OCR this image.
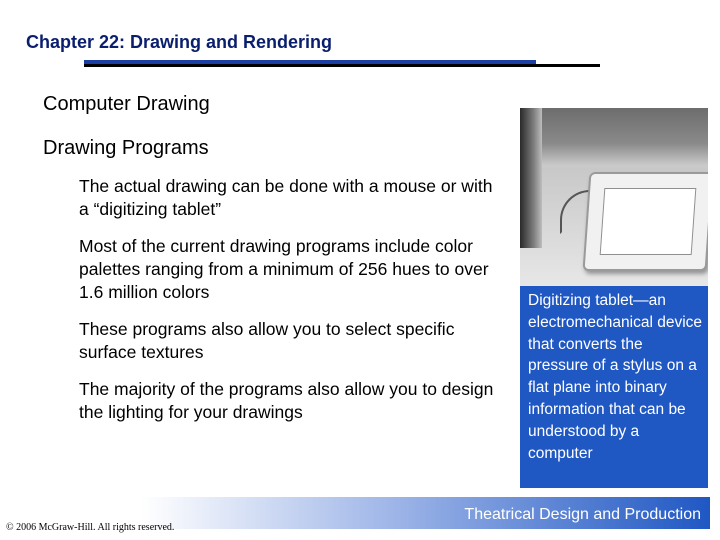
Chapter 22: Drawing and Rendering
Computer Drawing
Drawing Programs
The actual drawing can be done with a mouse or with a “digitizing tablet”
Most of the current drawing programs include color palettes ranging from a minimum of 256 hues to over 1.6 million colors
These programs also allow you to select specific surface textures
The majority of the programs also allow you to design the lighting for your drawings
Digitizing tablet—an electromechanical device that converts the pressure of a stylus on a flat plane into binary information that can be understood by a computer
Theatrical Design and Production
© 2006 McGraw-Hill. All rights reserved.
